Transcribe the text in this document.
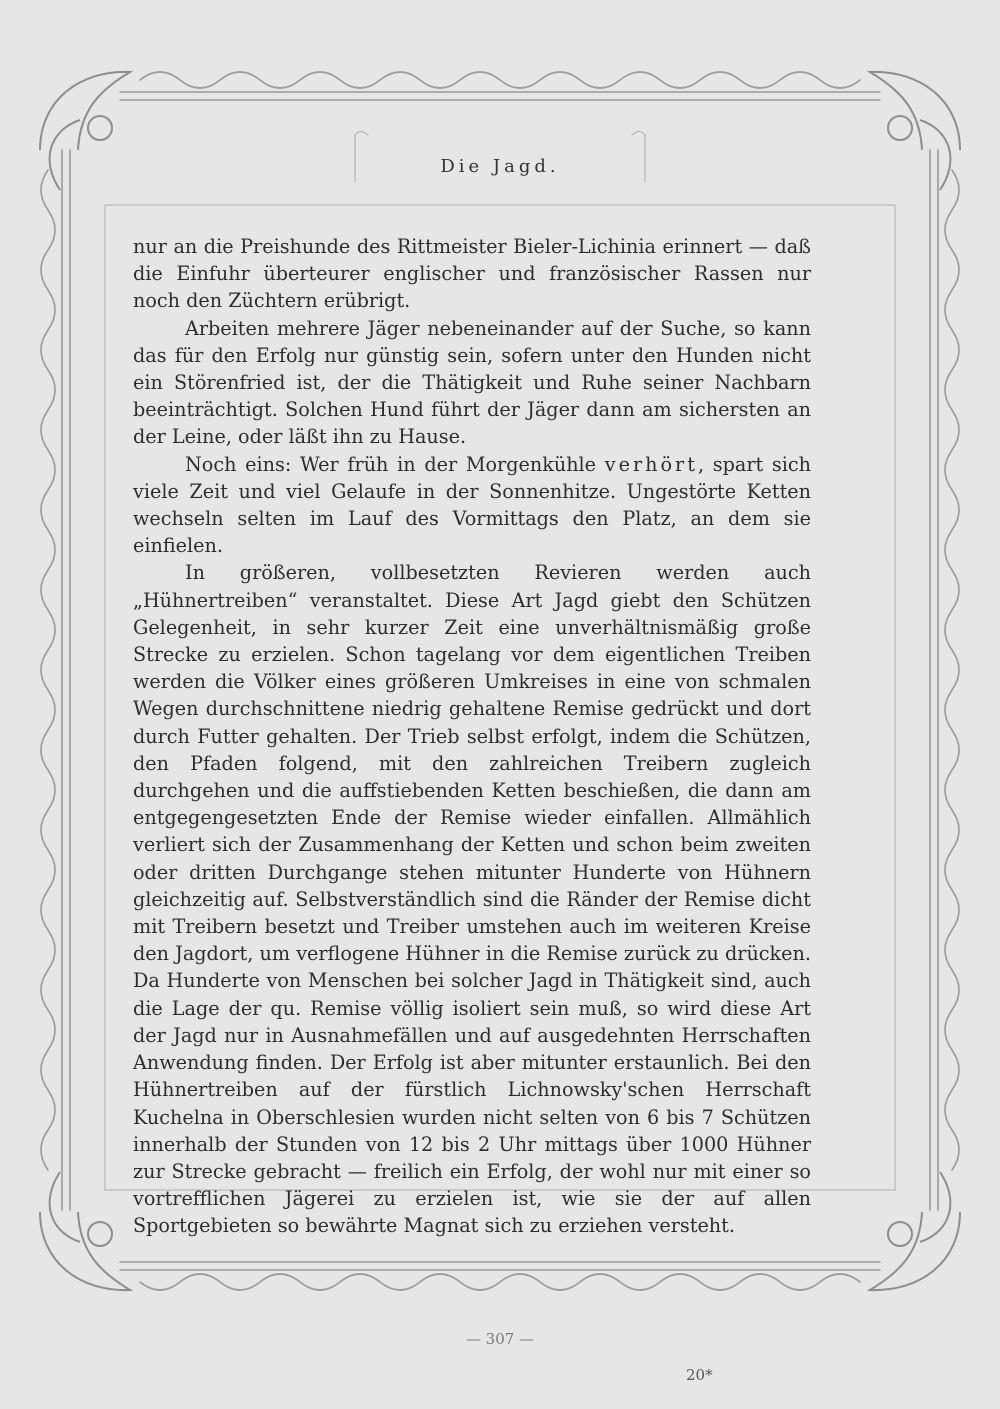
Die Jagd.

nur an die Preishunde des Rittmeister Bieler-Lichinia erinnert — daß die Einfuhr überteurer englischer und französischer Rassen nur noch den Züchtern erübrigt.

Arbeiten mehrere Jäger nebeneinander auf der Suche, so kann das für den Erfolg nur günstig sein, sofern unter den Hunden nicht ein Störenfried ist, der die Thätigkeit und Ruhe seiner Nachbarn beeinträchtigt. Solchen Hund führt der Jäger dann am sichersten an der Leine, oder läßt ihn zu Hause.

Noch eins: Wer früh in der Morgenkühle verhört, spart sich viele Zeit und viel Gelaufe in der Sonnenhitze. Ungestörte Ketten wechseln selten im Lauf des Vormittags den Platz, an dem sie einfielen.

In größeren, vollbesetzten Revieren werden auch „Hühnertreiben“ veranstaltet. Diese Art Jagd giebt den Schützen Gelegenheit, in sehr kurzer Zeit eine unverhältnismäßig große Strecke zu erzielen. Schon tagelang vor dem eigentlichen Treiben werden die Völker eines größeren Umkreises in eine von schmalen Wegen durchschnittene niedrig gehaltene Remise gedrückt und dort durch Futter gehalten. Der Trieb selbst erfolgt, indem die Schützen, den Pfaden folgend, mit den zahlreichen Treibern zugleich durchgehen und die auffstiebenden Ketten beschießen, die dann am entgegengesetzten Ende der Remise wieder einfallen. Allmählich verliert sich der Zusammenhang der Ketten und schon beim zweiten oder dritten Durchgange stehen mitunter Hunderte von Hühnern gleichzeitig auf. Selbstverständlich sind die Ränder der Remise dicht mit Treibern besetzt und Treiber umstehen auch im weiteren Kreise den Jagdort, um verflogene Hühner in die Remise zurück zu drücken. Da Hunderte von Menschen bei solcher Jagd in Thätigkeit sind, auch die Lage der qu. Remise völlig isoliert sein muß, so wird diese Art der Jagd nur in Ausnahmefällen und auf ausgedehnten Herrschaften Anwendung finden. Der Erfolg ist aber mitunter erstaunlich. Bei den Hühnertreiben auf der fürstlich Lichnowsky'schen Herrschaft Kuchelna in Oberschlesien wurden nicht selten von 6 bis 7 Schützen innerhalb der Stunden von 12 bis 2 Uhr mittags über 1000 Hühner zur Strecke gebracht — freilich ein Erfolg, der wohl nur mit einer so vortrefflichen Jägerei zu erzielen ist, wie sie der auf allen Sportgebieten so bewährte Magnat sich zu erziehen versteht.

— 307 —
20*
